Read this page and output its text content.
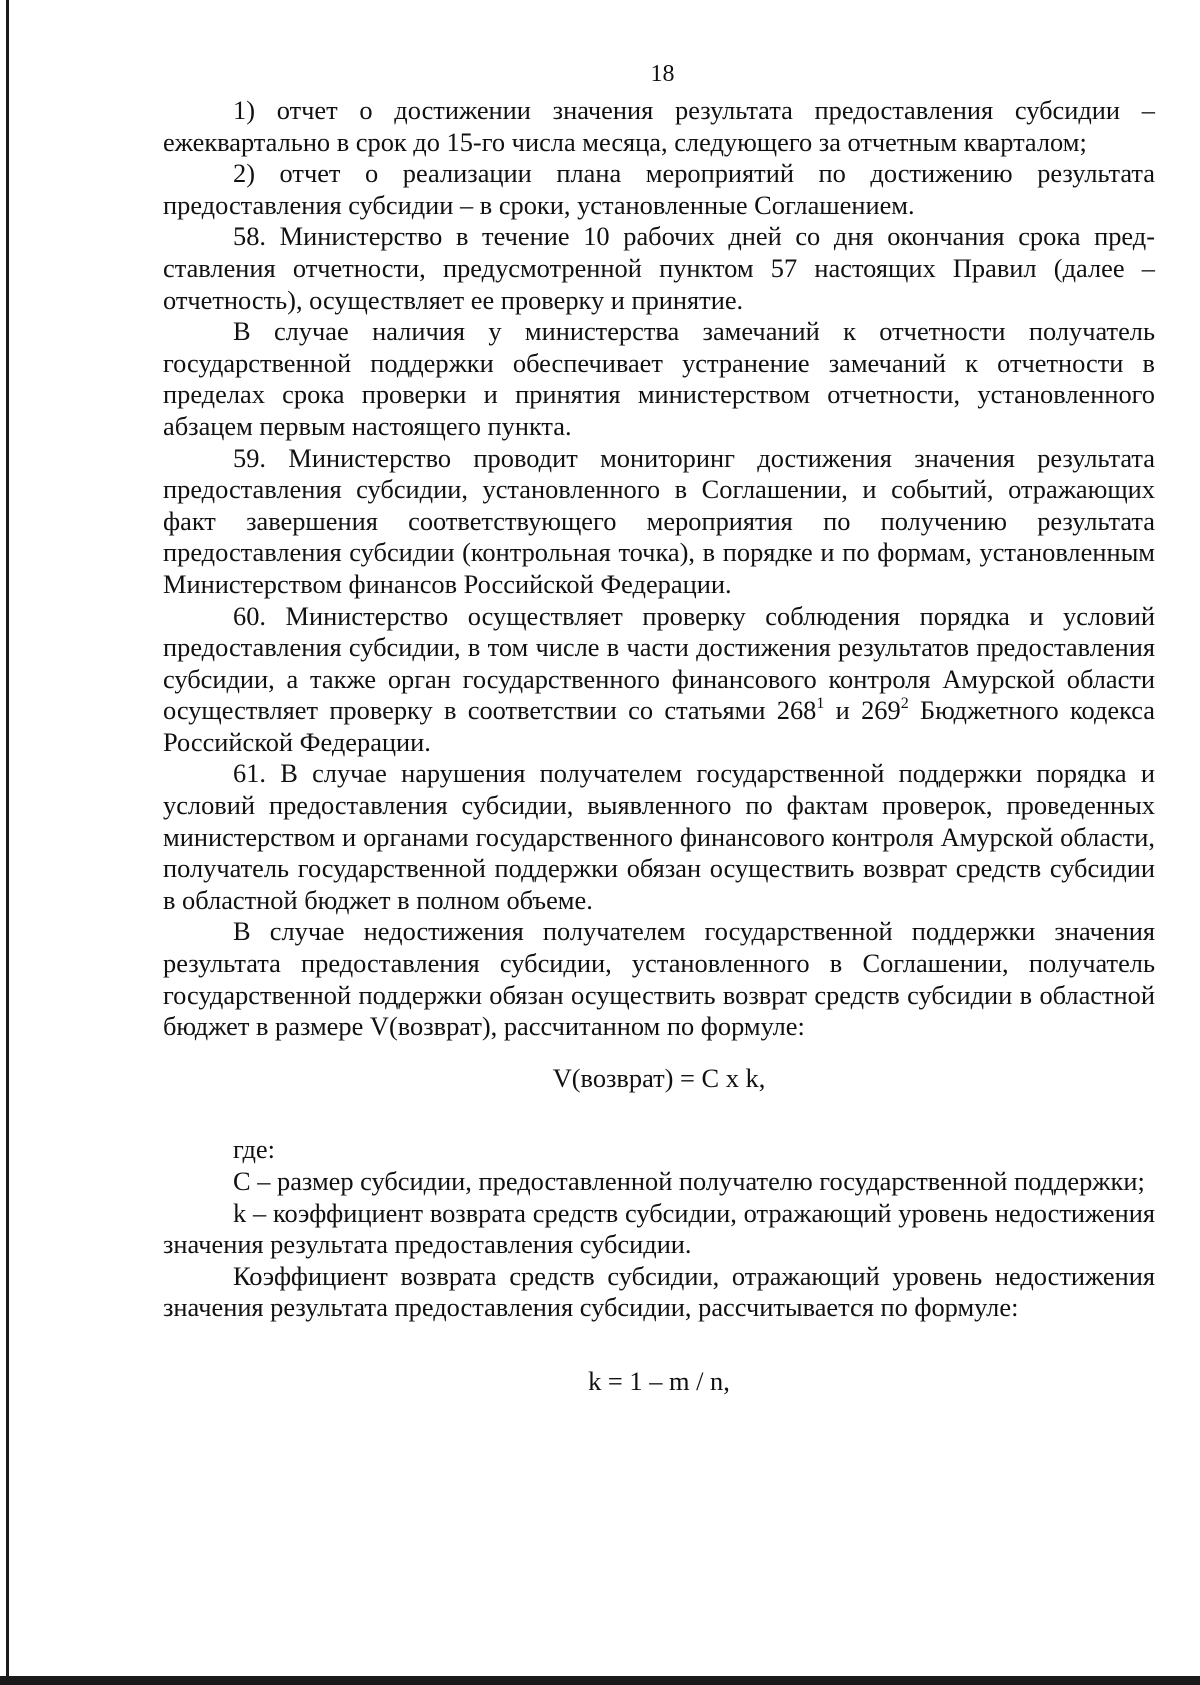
18

1) отчет о достижении значения результата предоставления субсидии – ежеквартально в срок до 15-го числа месяца, следующего за отчетным кварталом;

2) отчет о реализации плана мероприятий по достижению результата предоставления субсидии – в сроки, установленные Соглашением.

58. Министерство в течение 10 рабочих дней со дня окончания срока представления отчетности, предусмотренной пунктом 57 настоящих Правил (далее – отчетность), осуществляет ее проверку и принятие.

В случае наличия у министерства замечаний к отчетности получатель государственной поддержки обеспечивает устранение замечаний к отчетности в пределах срока проверки и принятия министерством отчетности, установленного абзацем первым настоящего пункта.

59. Министерство проводит мониторинг достижения значения результата предоставления субсидии, установленного в Соглашении, и событий, отражающих факт завершения соответствующего мероприятия по получению результата предоставления субсидии (контрольная точка), в порядке и по формам, установленным Министерством финансов Российской Федерации.

60. Министерство осуществляет проверку соблюдения порядка и условий предоставления субсидии, в том числе в части достижения результатов предоставления субсидии, а также орган государственного финансового контроля Амурской области осуществляет проверку в соответствии со статьями $268^1$ и $269^2$ Бюджетного кодекса Российской Федерации.

61. В случае нарушения получателем государственной поддержки порядка и условий предоставления субсидии, выявленного по фактам проверок, проведенных министерством и органами государственного финансового контроля Амурской области, получатель государственной поддержки обязан осуществить возврат средств субсидии в областной бюджет в полном объеме.

В случае недостижения получателем государственной поддержки значения результата предоставления субсидии, установленного в Соглашении, получатель государственной поддержки обязан осуществить возврат средств субсидии в областной бюджет в размере V(возврат), рассчитанном по формуле:

V(возврат) = C x k,

где:

C – размер субсидии, предоставленной получателю государственной поддержки;

k – коэффициент возврата средств субсидии, отражающий уровень недостижения значения результата предоставления субсидии.

Коэффициент возврата средств субсидии, отражающий уровень недостижения значения результата предоставления субсидии, рассчитывается по формуле:

k = 1 – m / n,
